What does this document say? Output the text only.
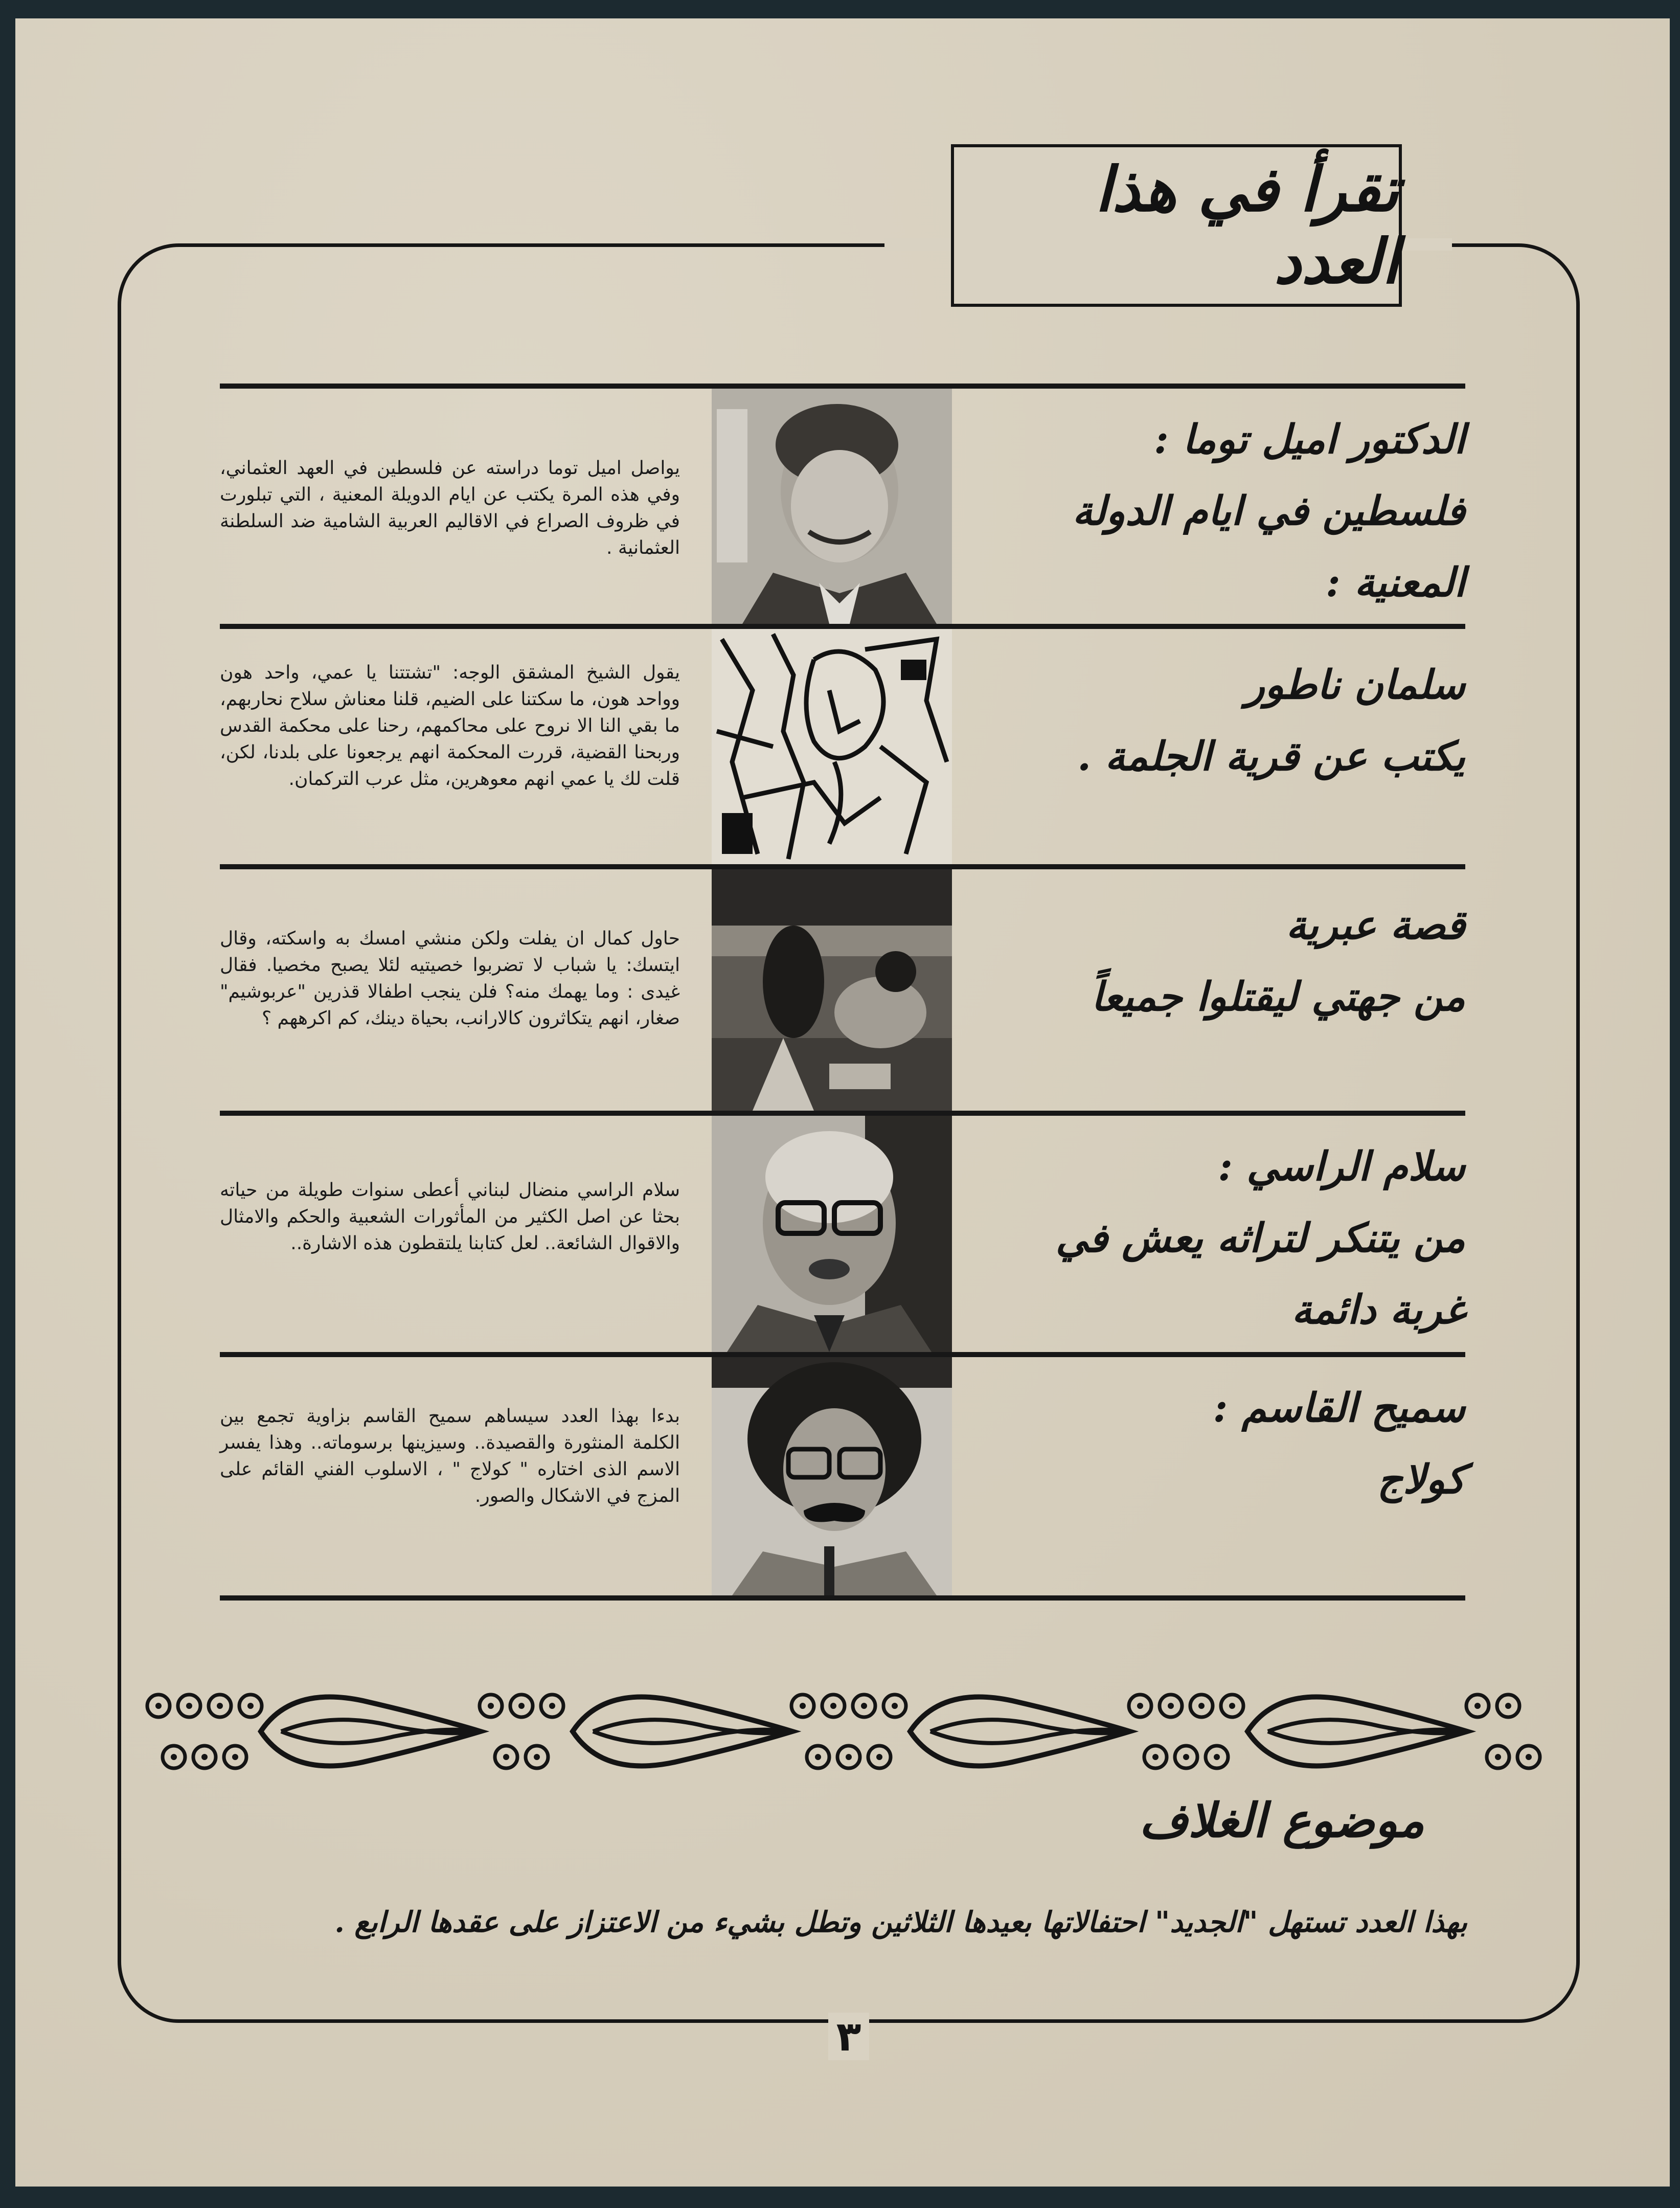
تقرأ في هذا العدد
يواصل اميل توما دراسته عن فلسطين في العهد العثماني، وفي هذه المرة يكتب عن ايام الدويلة المعنية ، التي تبلورت في ظروف الصراع في الاقاليم العربية الشامية ضد السلطنة العثمانية .
الدكتور اميل توما :
فلسطين في ايام الدولة المعنية :
يقول الشيخ المشقق الوجه: "تشتتنا يا عمي، واحد هون وواحد هون، ما سكتنا على الضيم، قلنا معناش سلاح نحاربهم، ما بقي النا الا نروح على محاكمهم، رحنا على محكمة القدس وربحنا القضية، قررت المحكمة انهم يرجعونا على بلدنا، لكن، قلت لك يا عمي انهم معوهرين، مثل عرب التركمان.
سلمان ناطور
يكتب عن قرية الجلمة .
حاول كمال ان يفلت ولكن منشي امسك به واسكته، وقال ايتسك: يا شباب لا تضربوا خصيتيه لئلا يصبح مخصيا. فقال غيدى : وما يهمك منه؟ فلن ينجب اطفالا قذرين "عربوشيم" صغار، انهم يتكاثرون كالارانب، بحياة دينك، كم اكرههم ؟
قصة عبرية
من جهتي ليقتلوا جميعاً
سلام الراسي منضال لبناني أعطى سنوات طويلة من حياته بحثا عن اصل الكثير من المأثورات الشعبية والحكم والامثال والاقوال الشائعة.. لعل كتابنا يلتقطون هذه الاشارة..
سلام الراسي :
من يتنكر لتراثه يعش في غربة دائمة
بدءا بهذا العدد سيساهم سميح القاسم بزاوية تجمع بين الكلمة المنثورة والقصيدة.. وسيزينها برسوماته.. وهذا يفسر الاسم الذى اختاره " كولاج " ، الاسلوب الفني القائم على المزج في الاشكال والصور.
سميح القاسم :
كولاج
موضوع الغلاف
بهذا العدد تستهل "الجديد" احتفالاتها بعيدها الثلاثين وتطل بشيء من الاعتزاز على عقدها الرابع .
٣
